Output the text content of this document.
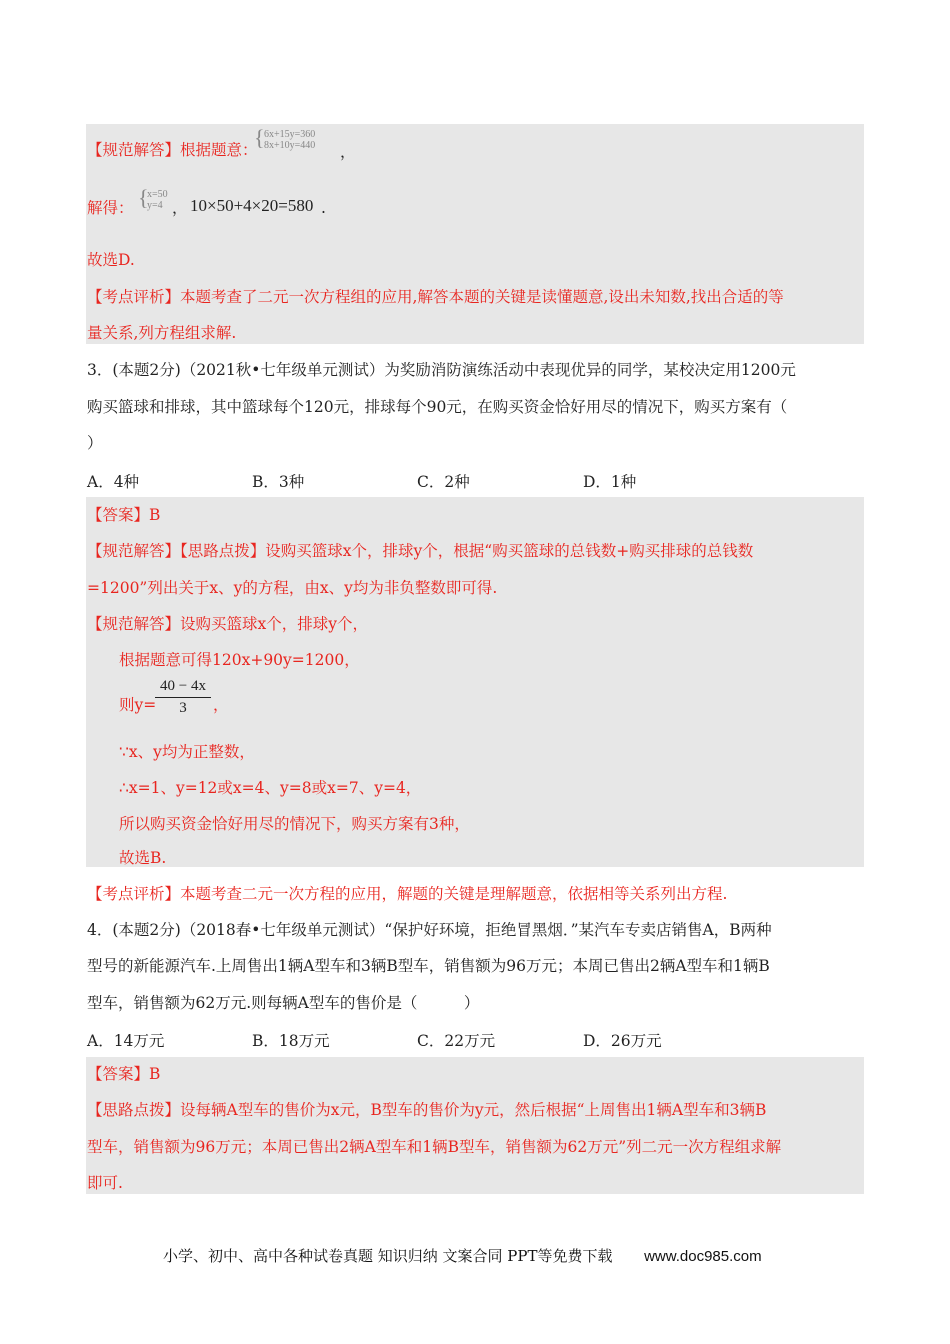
【规范解答】根据题意：
{ 6x+15y=360
8x+10y=440 ，
解得： {
x=50
y=4 ， 10×50+4×20=580 .
故选D.
【考点评析】本题考查了二元一次方程组的应用,解答本题的关键是读懂题意,设出未知数,找出合适的等
量关系,列方程组求解.
3．(本题2分)（2021秋•七年级单元测试）为奖励消防演练活动中表现优异的同学，某校决定用1200元
购买篮球和排球，其中篮球每个120元，排球每个90元，在购买资金恰好用尽的情况下，购买方案有（
）
A．4种	B．3种	C．2种	D．1种
【答案】B
【规范解答】【思路点拨】设购买篮球x个，排球y个，根据“购买篮球的总钱数+购买排球的总钱数
=1200”列出关于x、y的方程，由x、y均为非负整数即可得.
【规范解答】设购买篮球x个，排球y个，
根据题意可得120x+90y=1200，
则y=
40 − 4x
3	，
∵x、y均为正整数，
∴x=1、y=12或x=4、y=8或x=7、y=4，
所以购买资金恰好用尽的情况下，购买方案有3种，
故选B.
【考点评析】本题考查二元一次方程的应用，解题的关键是理解题意，依据相等关系列出方程.
4．(本题2分)（2018春•七年级单元测试）“保护好环境，拒绝冒黑烟．”某汽车专卖店销售A，B两种
型号的新能源汽车.上周售出1辆A型车和3辆B型车，销售额为96万元；本周已售出2辆A型车和1辆B
型车，销售额为62万元.则每辆A型车的售价是（　　　）
A．14万元	B．18万元	C．22万元	D．26万元
【答案】B
【思路点拨】设每辆A型车的售价为x元，B型车的售价为y元，然后根据“上周售出1辆A型车和3辆B
型车，销售额为96万元；本周已售出2辆A型车和1辆B型车，销售额为62万元”列二元一次方程组求解
即可.
小学、初中、高中各种试卷真题 知识归纳 文案合同 PPT等免费下载 www.doc985.com
